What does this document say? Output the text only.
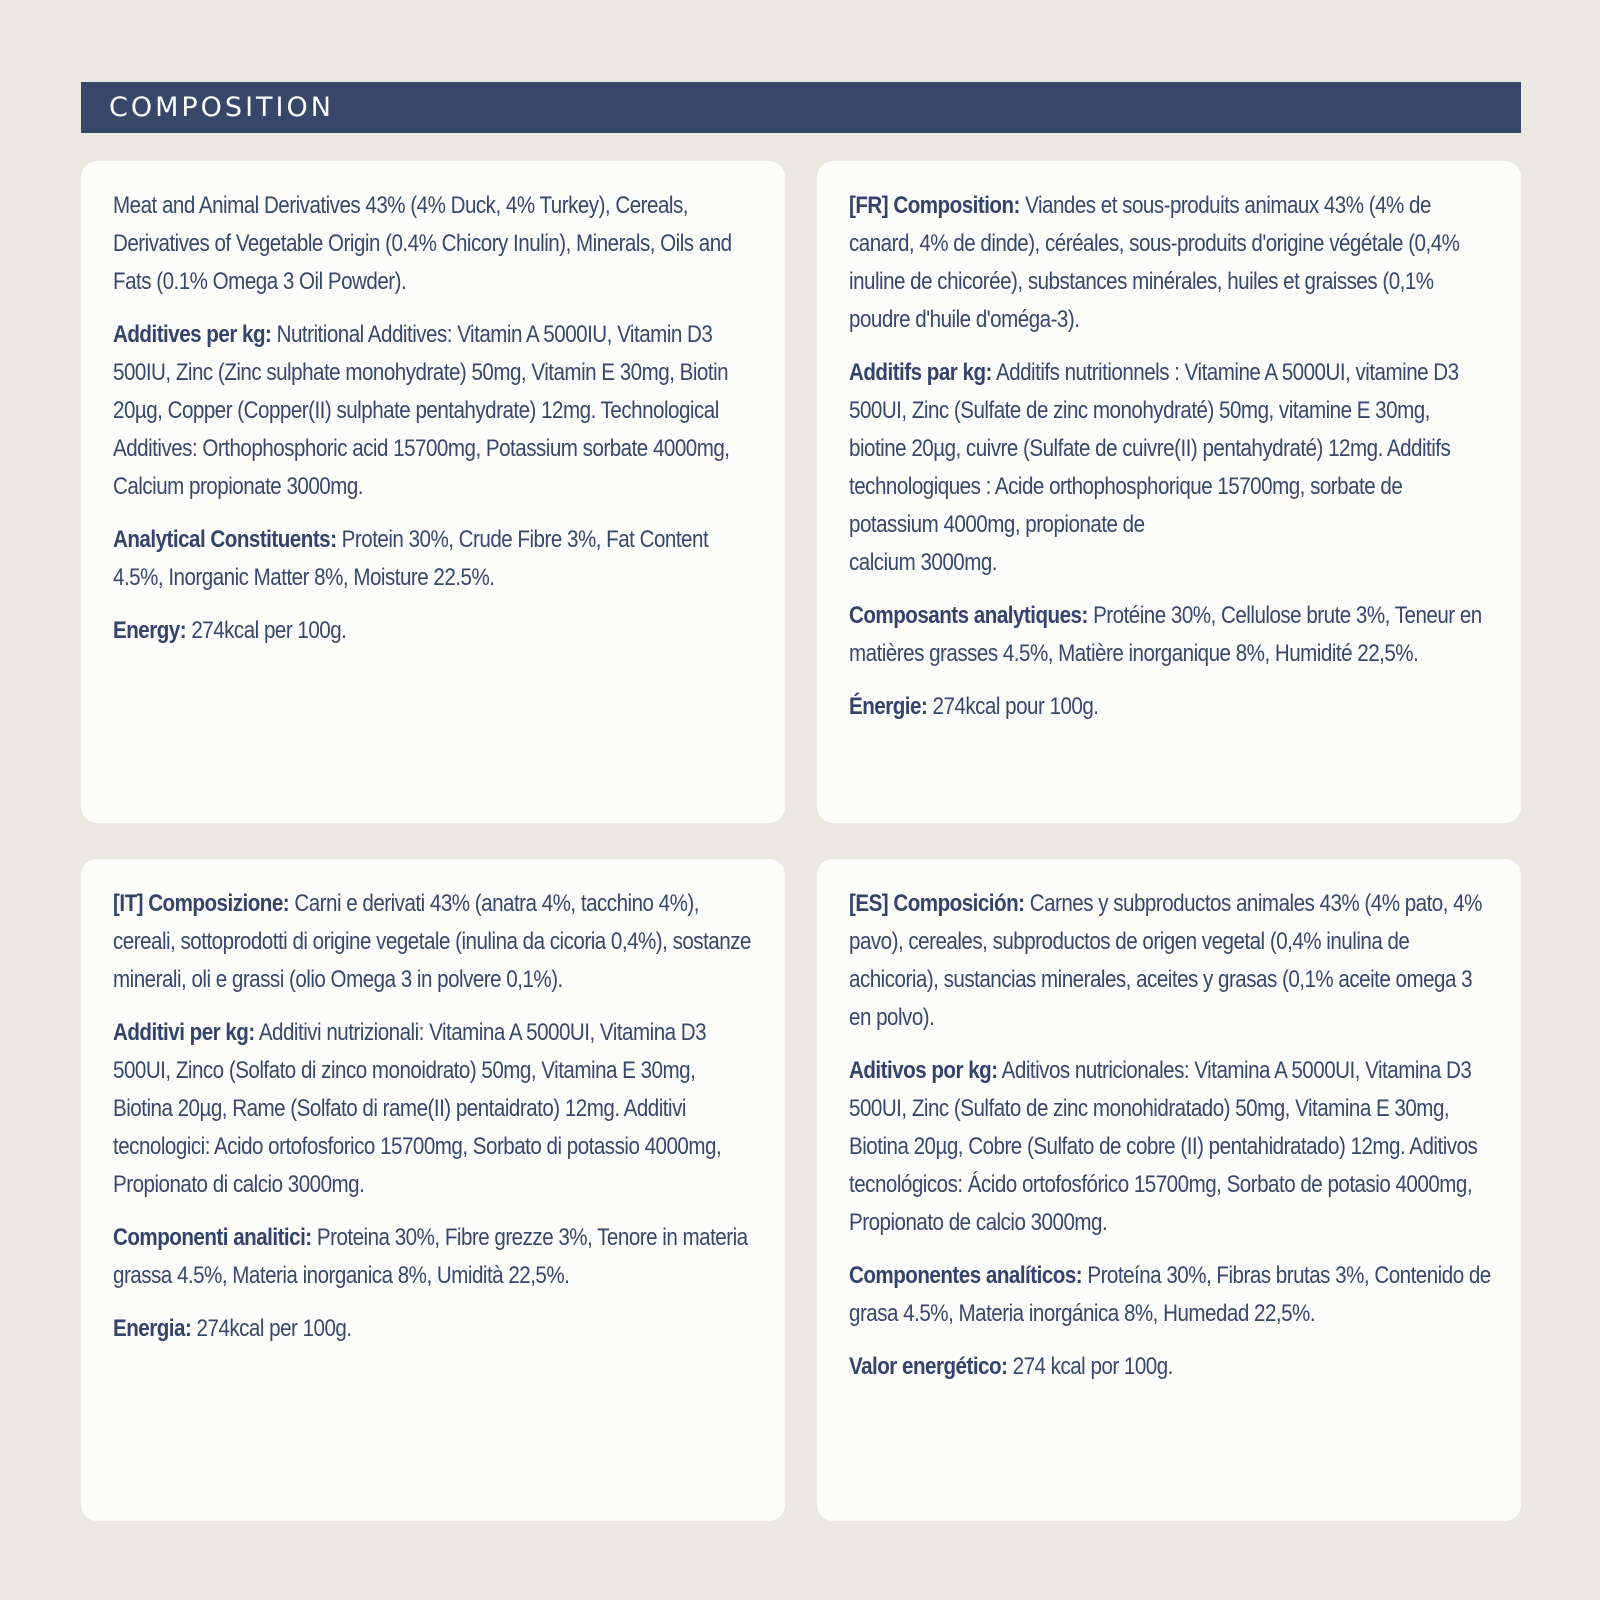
COMPOSITION

Meat and Animal Derivatives 43% (4% Duck, 4% Turkey), Cereals, Derivatives of Vegetable Origin (0.4% Chicory Inulin), Minerals, Oils and Fats (0.1% Omega 3 Oil Powder).

Additives per kg: Nutritional Additives: Vitamin A 5000IU, Vitamin D3 500IU, Zinc (Zinc sulphate monohydrate) 50mg, Vitamin E 30mg, Biotin 20µg, Copper (Copper(II) sulphate pentahydrate) 12mg. Technological Additives: Orthophosphoric acid 15700mg, Potassium sorbate 4000mg, Calcium propionate 3000mg.

Analytical Constituents: Protein 30%, Crude Fibre 3%, Fat Content 4.5%, Inorganic Matter 8%, Moisture 22.5%.

Energy: 274kcal per 100g.

[FR] Composition: Viandes et sous-produits animaux 43% (4% de canard, 4% de dinde), céréales, sous-produits d'origine végétale (0,4% inuline de chicorée), substances minérales, huiles et graisses (0,1% poudre d'huile d'oméga-3).

Additifs par kg: Additifs nutritionnels : Vitamine A 5000UI, vitamine D3 500UI, Zinc (Sulfate de zinc monohydraté) 50mg, vitamine E 30mg, biotine 20µg, cuivre (Sulfate de cuivre(II) pentahydraté) 12mg. Additifs technologiques : Acide orthophosphorique 15700mg, sorbate de potassium 4000mg, propionate de
calcium 3000mg.

Composants analytiques: Protéine 30%, Cellulose brute 3%, Teneur en matières grasses 4.5%, Matière inorganique 8%, Humidité 22,5%.

Énergie: 274kcal pour 100g.

[IT] Composizione: Carni e derivati 43% (anatra 4%, tacchino 4%), cereali, sottoprodotti di origine vegetale (inulina da cicoria 0,4%), sostanze minerali, oli e grassi (olio Omega 3 in polvere 0,1%).

Additivi per kg: Additivi nutrizionali: Vitamina A 5000UI, Vitamina D3 500UI, Zinco (Solfato di zinco monoidrato) 50mg, Vitamina E 30mg, Biotina 20µg, Rame (Solfato di rame(II) pentaidrato) 12mg. Additivi tecnologici: Acido ortofosforico 15700mg, Sorbato di potassio 4000mg, Propionato di calcio 3000mg.

Componenti analitici: Proteina 30%, Fibre grezze 3%, Tenore in materia grassa 4.5%, Materia inorganica 8%, Umidità 22,5%.

Energia: 274kcal per 100g.

[ES] Composición: Carnes y subproductos animales 43% (4% pato, 4% pavo), cereales, subproductos de origen vegetal (0,4% inulina de achicoria), sustancias minerales, aceites y grasas (0,1% aceite omega 3 en polvo).

Aditivos por kg: Aditivos nutricionales: Vitamina A 5000UI, Vitamina D3 500UI, Zinc (Sulfato de zinc monohidratado) 50mg, Vitamina E 30mg, Biotina 20µg, Cobre (Sulfato de cobre (II) pentahidratado) 12mg. Aditivos tecnológicos: Ácido ortofosfórico 15700mg, Sorbato de potasio 4000mg, Propionato de calcio 3000mg.

Componentes analíticos: Proteína 30%, Fibras brutas 3%, Contenido de grasa 4.5%, Materia inorgánica 8%, Humedad 22,5%.

Valor energético: 274 kcal por 100g.
